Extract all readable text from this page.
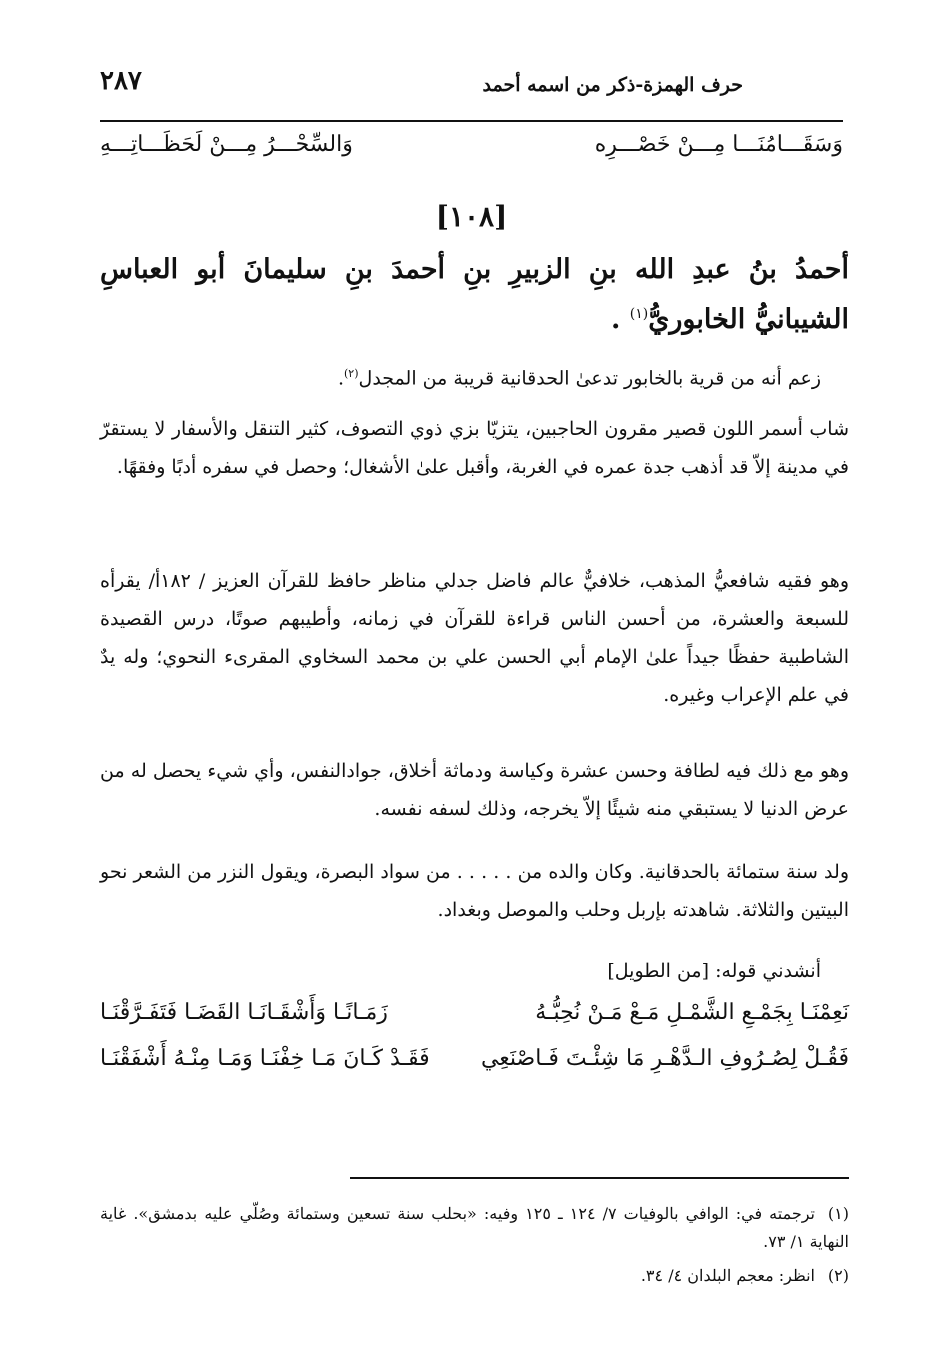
حرف الهمزة-ذكر من اسمه أحمد
٢٨٧
وَسَقَـــامُنَـــا مِـــنْ خَصْـــرِه
وَالسِّحْـــرُ مِـــنْ لَحَظَـــاتِـــهِ
[١٠٨]
أحمدُ بنُ عبدِ الله بنِ الزبيرِ بنِ أحمدَ بنِ سليمانَ أبو العباسِ الشيبانيُّ الخابوريُّ$^{(١)}$ .
زعم أنه من قرية بالخابور تدعىٰ الحدقانية قريبة من المجدل$^{(٢)}$.
شاب أسمر اللون قصير مقرون الحاجبين، يتزيّا بزي ذوي التصوف، كثير التنقل والأسفار لا يستقرّ في مدينة إلاّ قد أذهب جدة عمره في الغربة، وأقبل علىٰ الأشغال؛ وحصل في سفره أدبًا وفقهًا.
وهو فقيه شافعيُّ المذهب، خلافيٌّ عالم فاضل جدلي مناظر حافظ للقرآن العزيز / ١٨٢أ/ يقرأه للسبعة والعشرة، من أحسن الناس قراءة للقرآن في زمانه، وأطيبهم صوتًا، درس القصيدة الشاطبية حفظًا جيداً علىٰ الإمام أبي الحسن علي بن محمد السخاوي المقرىء النحوي؛ وله يدٌ في علم الإعراب وغيره.
وهو مع ذلك فيه لطافة وحسن عشرة وكياسة ودماثة أخلاق، جوادالنفس، وأي شيء يحصل له من عرض الدنيا لا يستبقي منه شيئًا إلاّ يخرجه، وذلك لسفه نفسه.
ولد سنة ستمائة بالحدقانية. وكان والده من . . . . . من سواد البصرة، ويقول النزر من الشعر نحو البيتين والثلاثة. شاهدته بإربل وحلب والموصل وبغداد.
أنشدني قوله: [من الطويل]
نَعِمْنَـا بِجَمْـعِ الشَّمْـلِ مَـعْ مَـنْ نُحِبُّـهُ
زَمَـانًـا وَأَشْقَـانَـا القَضَـا فَتَفَـرَّقْنَـا
فَقُـلْ لِصُـرُوفِ الـدَّهْـرِ مَا شِئْـتَ فَـاصْنَعِي
فَقَـدْ كَـانَ مَـا خِفْنَـا وَمَـا مِنْـهُ أَشْفَقْنَـا
(١)ترجمته في: الوافي بالوفيات ٧/ ١٢٤ ـ ١٢٥ وفيه: «بحلب سنة تسعين وستمائة وصُلّي عليه بدمشق». غاية النهاية ١/ ٧٣.
(٢)انظر: معجم البلدان ٤/ ٣٤.
